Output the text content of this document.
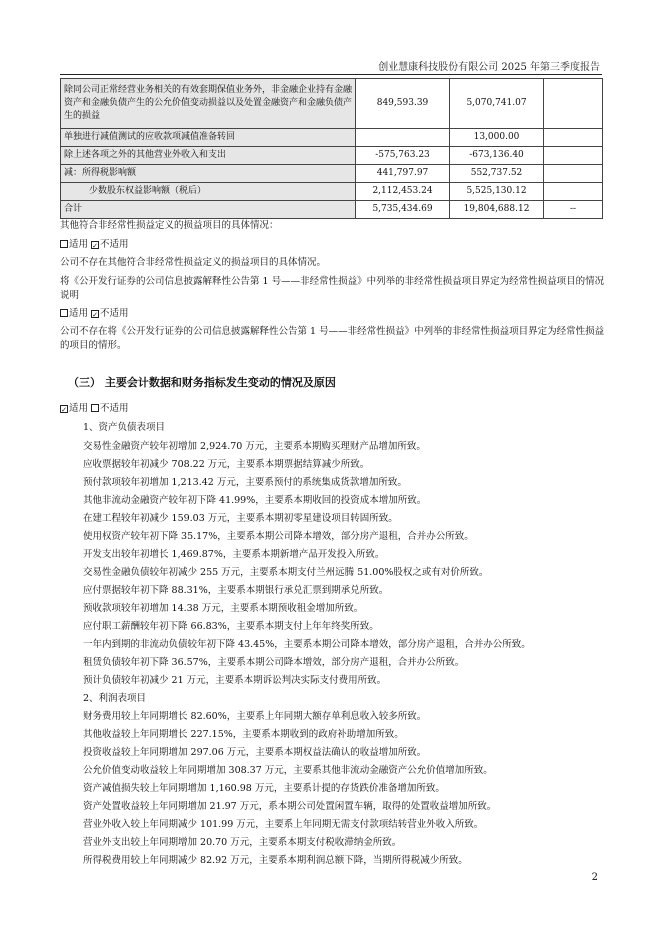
创业慧康科技股份有限公司 2025 年第三季度报告
除同公司正常经营业务相关的有效套期保值业务外，非金融企业持有金融资产和金融负债产生的公允价值变动损益以及处置金融资产和金融负债产生的损益	849,593.39	5,070,741.07	
单独进行减值测试的应收款项减值准备转回		13,000.00	
除上述各项之外的其他营业外收入和支出	-575,763.23	-673,136.40	
减：所得税影响额	441,797.97	552,737.52	
少数股东权益影响额（税后）	2,112,453.24	5,525,130.12	
合计	5,735,434.69	19,804,688.12	--
其他符合非经常性损益定义的损益项目的具体情况：
适用 ✓ 不适用
公司不存在其他符合非经常性损益定义的损益项目的具体情况。
将《公开发行证券的公司信息披露解释性公告第 1 号——非经常性损益》中列举的非经常性损益项目界定为经常性损益项目的情况说明
适用 ✓ 不适用
公司不存在将《公开发行证券的公司信息披露解释性公告第 1 号——非经常性损益》中列举的非经常性损益项目界定为经常性损益的项目的情形。
（三） 主要会计数据和财务指标发生变动的情况及原因
✓ 适用 不适用
1、资产负债表项目
交易性金融资产较年初增加 2,924.70 万元，主要系本期购买理财产品增加所致。
应收票据较年初减少 708.22 万元，主要系本期票据结算减少所致。
预付款项较年初增加 1,213.42 万元，主要系预付的系统集成货款增加所致。
其他非流动金融资产较年初下降 41.99%，主要系本期收回的投资成本增加所致。
在建工程较年初减少 159.03 万元，主要系本期初零星建设项目转固所致。
使用权资产较年初下降 35.17%，主要系本期公司降本增效，部分房产退租，合并办公所致。
开发支出较年初增长 1,469.87%，主要系本期新增产品开发投入所致。
交易性金融负债较年初减少 255 万元，主要系本期支付兰州远腾 51.00%股权之或有对价所致。
应付票据较年初下降 88.31%，主要系本期银行承兑汇票到期承兑所致。
预收款项较年初增加 14.38 万元，主要系本期预收租金增加所致。
应付职工薪酬较年初下降 66.83%，主要系本期支付上年年终奖所致。
一年内到期的非流动负债较年初下降 43.45%，主要系本期公司降本增效，部分房产退租，合并办公所致。
租赁负债较年初下降 36.57%，主要系本期公司降本增效，部分房产退租，合并办公所致。
预计负债较年初减少 21 万元，主要系本期诉讼判决实际支付费用所致。
2、利润表项目
财务费用较上年同期增长 82.60%，主要系上年同期大额存单利息收入较多所致。
其他收益较上年同期增长 227.15%，主要系本期收到的政府补助增加所致。
投资收益较上年同期增加 297.06 万元，主要系本期权益法确认的收益增加所致。
公允价值变动收益较上年同期增加 308.37 万元，主要系其他非流动金融资产公允价值增加所致。
资产减值损失较上年同期增加 1,160.98 万元，主要系计提的存货跌价准备增加所致。
资产处置收益较上年同期增加 21.97 万元，系本期公司处置闲置车辆，取得的处置收益增加所致。
营业外收入较上年同期减少 101.99 万元，主要系上年同期无需支付款项结转营业外收入所致。
营业外支出较上年同期增加 20.70 万元，主要系本期支付税收滞纳金所致。
所得税费用较上年同期减少 82.92 万元，主要系本期利润总额下降，当期所得税减少所致。
2
